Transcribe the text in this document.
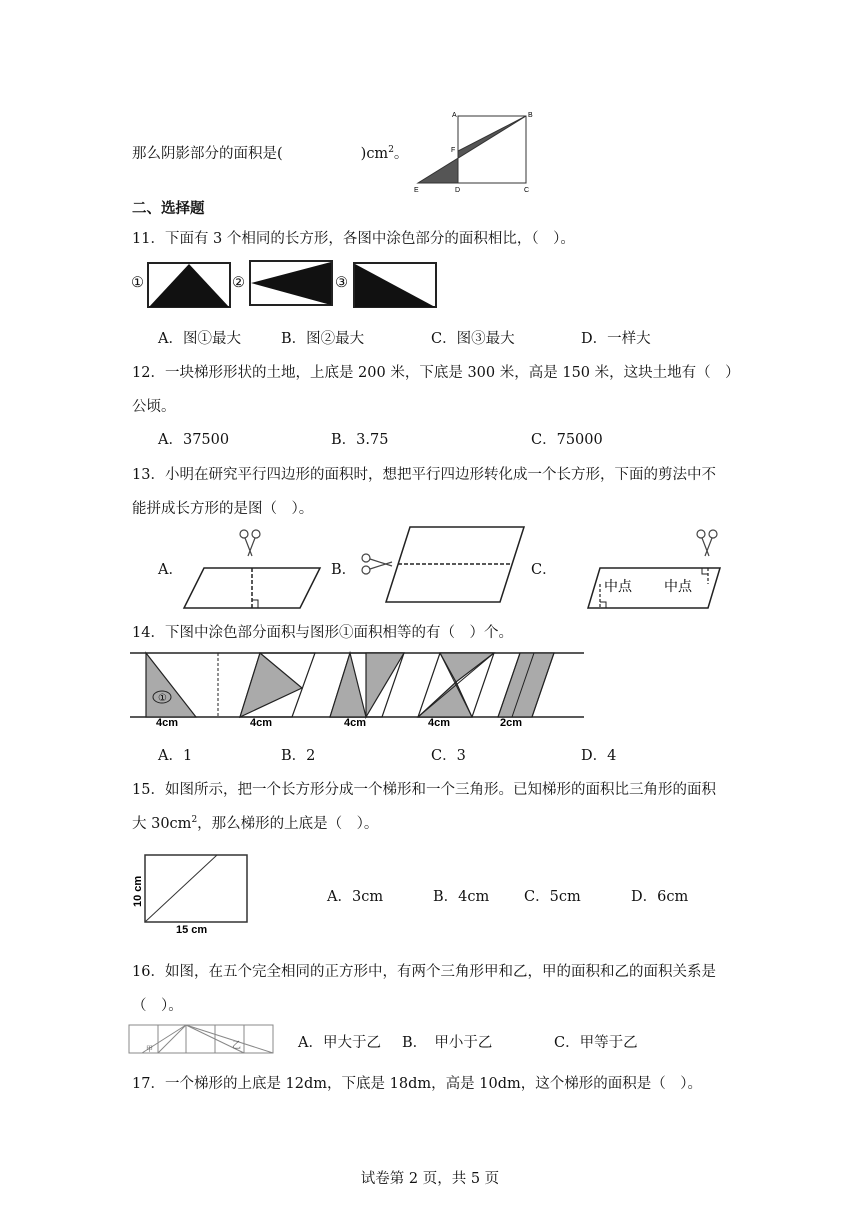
那么阴影部分的面积是(	)$cm^2$。
A	B
F
E	D	C
二、选择题
11．下面有 3 个相同的长方形，各图中涂色部分的面积相比，（　）。
①	②	③
A．图①最大	B．图②最大	C．图③最大	D．一样大
12．一块梯形形状的土地，上底是 200 米，下底是 300 米，高是 150 米，这块土地有（　）
公顷。
A．37500	B．3.75	C．75000
13．小明在研究平行四边形的面积时，想把平行四边形转化成一个长方形，下面的剪法中不
能拼成长方形的是图（　）。
A．	B．	C．
中点 中点
14．下图中涂色部分面积与图形①面积相等的有（　）个。
①
4cm	4cm	4cm	4cm	2cm
A．1	B．2	C．3	D．4
15．如图所示，把一个长方形分成一个梯形和一个三角形。已知梯形的面积比三角形的面积
大 $30cm^2$，那么梯形的上底是（　）。
10 cm
15 cm
A．3cm	B．4cm C．5cm	D．6cm
16．如图，在五个完全相同的正方形中，有两个三角形甲和乙，甲的面积和乙的面积关系是
（　）。
甲	乙	A．甲大于乙 B．　甲小于乙	C．甲等于乙
17．一个梯形的上底是 12dm，下底是 18dm，高是 10dm，这个梯形的面积是（　）。
试卷第 2 页，共 5 页
